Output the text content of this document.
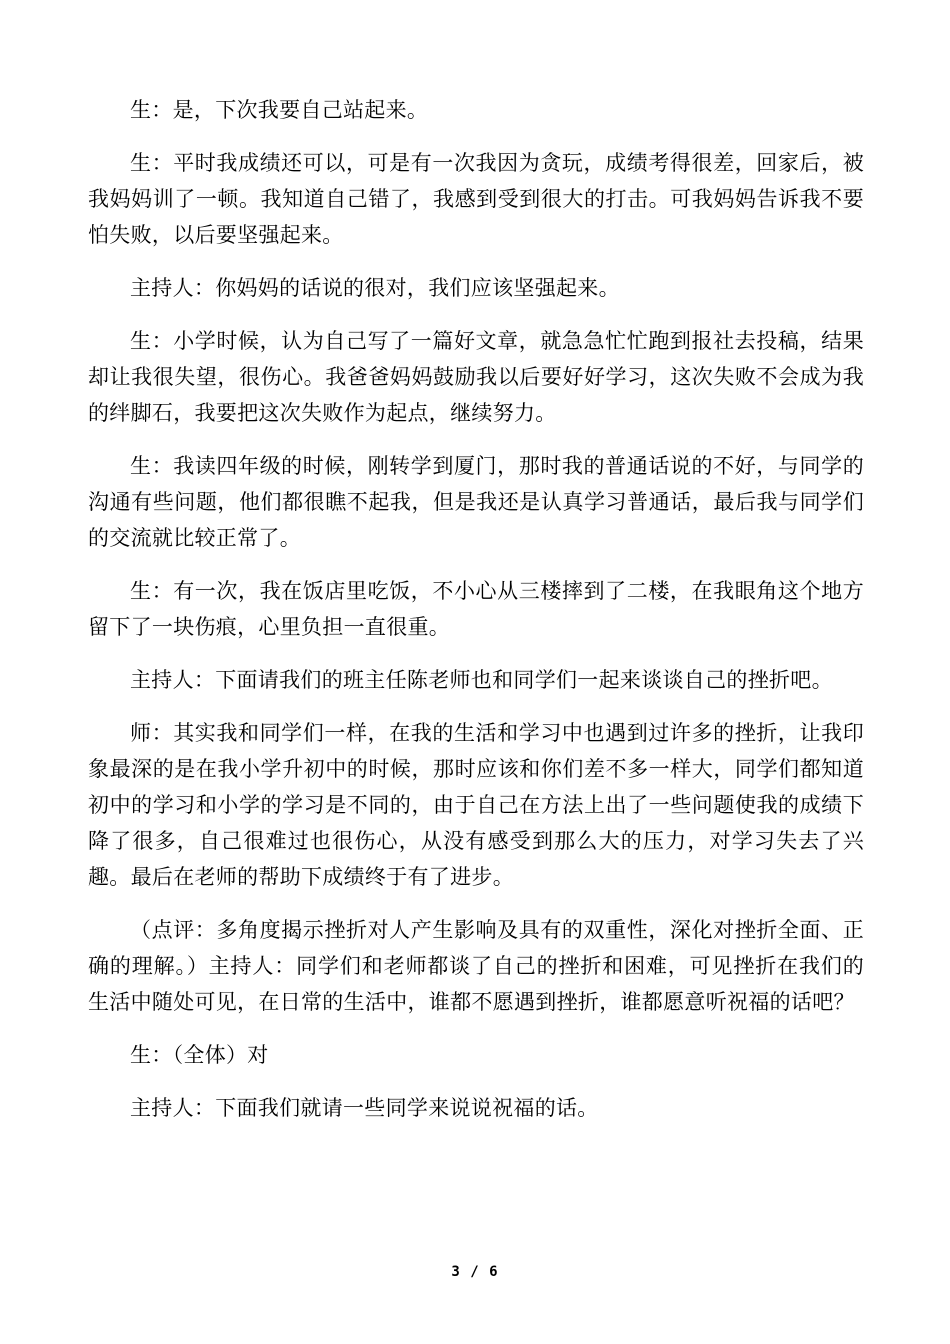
生：是，下次我要自己站起来。

生：平时我成绩还可以，可是有一次我因为贪玩，成绩考得很差，回家后，被我妈妈训了一顿。我知道自己错了，我感到受到很大的打击。可我妈妈告诉我不要怕失败，以后要坚强起来。

主持人：你妈妈的话说的很对，我们应该坚强起来。

生：小学时候，认为自己写了一篇好文章，就急急忙忙跑到报社去投稿，结果却让我很失望，很伤心。我爸爸妈妈鼓励我以后要好好学习，这次失败不会成为我的绊脚石，我要把这次失败作为起点，继续努力。

生：我读四年级的时候，刚转学到厦门，那时我的普通话说的不好，与同学的沟通有些问题，他们都很瞧不起我，但是我还是认真学习普通话，最后我与同学们的交流就比较正常了。

生：有一次，我在饭店里吃饭，不小心从三楼摔到了二楼，在我眼角这个地方留下了一块伤痕，心里负担一直很重。

主持人：下面请我们的班主任陈老师也和同学们一起来谈谈自己的挫折吧。

师：其实我和同学们一样，在我的生活和学习中也遇到过许多的挫折，让我印象最深的是在我小学升初中的时候，那时应该和你们差不多一样大，同学们都知道初中的学习和小学的学习是不同的，由于自己在方法上出了一些问题使我的成绩下降了很多，自己很难过也很伤心，从没有感受到那么大的压力，对学习失去了兴趣。最后在老师的帮助下成绩终于有了进步。

（点评：多角度揭示挫折对人产生影响及具有的双重性，深化对挫折全面、正确的理解。）主持人：同学们和老师都谈了自己的挫折和困难，可见挫折在我们的生活中随处可见，在日常的生活中，谁都不愿遇到挫折，谁都愿意听祝福的话吧？

生：（全体）对

主持人：下面我们就请一些同学来说说祝福的话。

3 / 6
